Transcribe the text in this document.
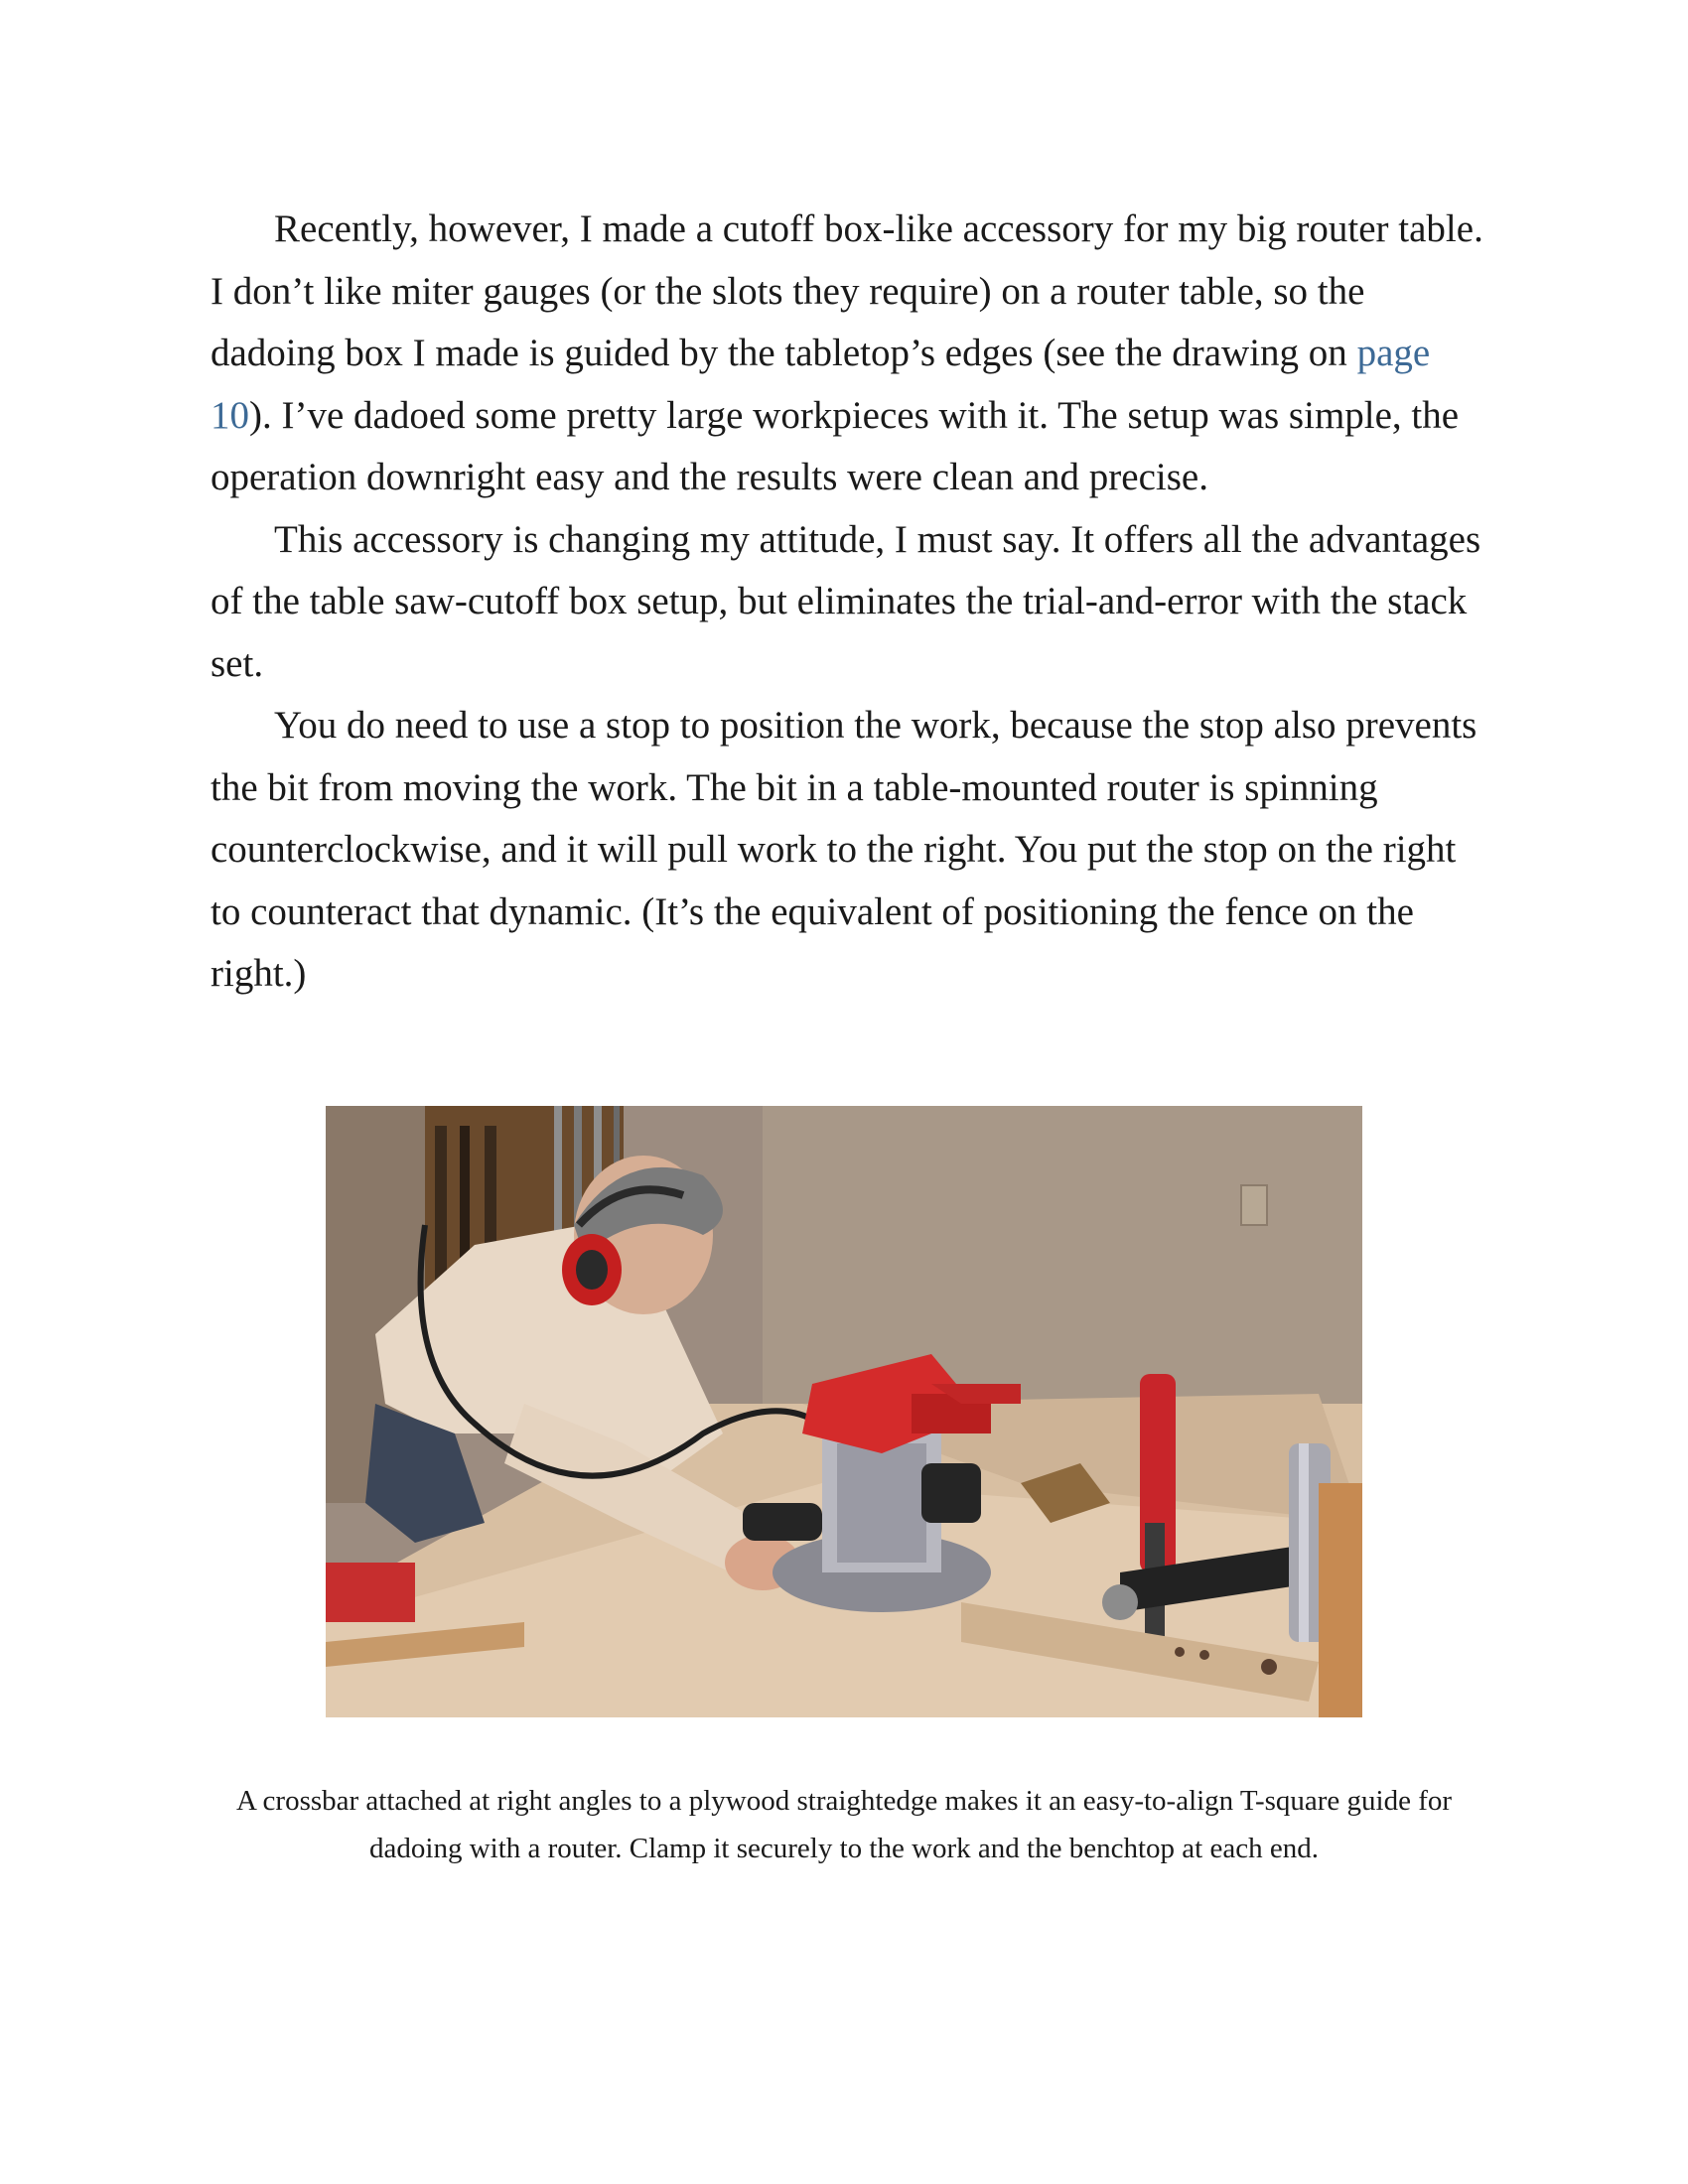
Recently, however, I made a cutoff box-like accessory for my big router table. I don’t like miter gauges (or the slots they require) on a router table, so the dadoing box I made is guided by the tabletop’s edges (see the drawing on page 10). I’ve dadoed some pretty large workpieces with it. The setup was simple, the operation downright easy and the results were clean and precise.

This accessory is changing my attitude, I must say. It offers all the advantages of the table saw-cutoff box setup, but eliminates the trial-and-error with the stack set.

You do need to use a stop to position the work, because the stop also prevents the bit from moving the work. The bit in a table-mounted router is spinning counterclockwise, and it will pull work to the right. You put the stop on the right to counteract that dynamic. (It’s the equivalent of positioning the fence on the right.)

A crossbar attached at right angles to a plywood straightedge makes it an easy-to-align T-square guide for dadoing with a router. Clamp it securely to the work and the benchtop at each end.
